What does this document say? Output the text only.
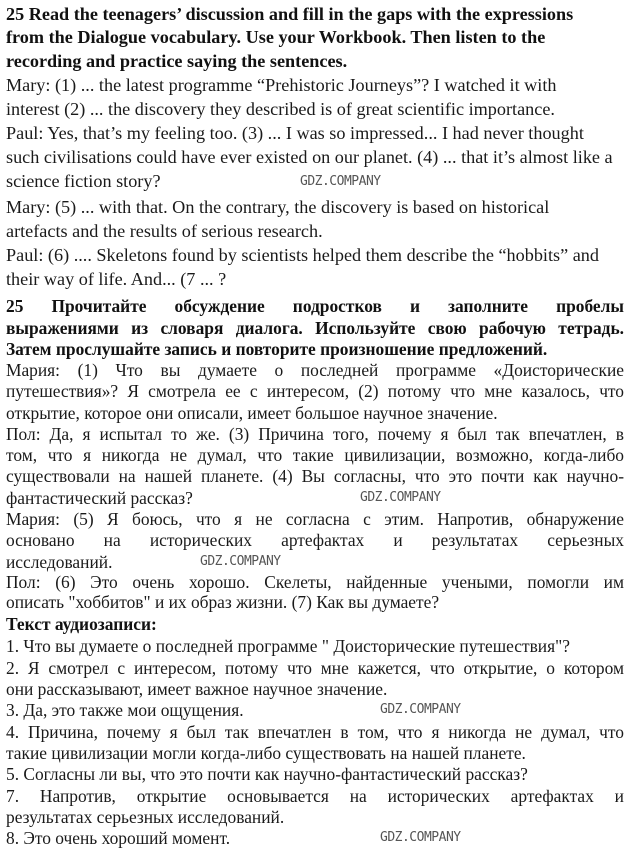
25 Read the teenagers’ discussion and fill in the gaps with the expressions
from the Dialogue vocabulary. Use your Workbook. Then listen to the
recording and practice saying the sentences.
Mary: (1) ... the latest programme “Prehistoric Journeys”? I watched it with
interest (2) ... the discovery they described is of great scientific importance.
Paul: Yes, that’s my feeling too. (3) ... I was so impressed... I had never thought
such civilisations could have ever existed on our planet. (4) ... that it’s almost like a
science fiction story?
Mary: (5) ... with that. On the contrary, the discovery is based on historical
artefacts and the results of serious research.
Paul: (6) .... Skeletons found by scientists helped them describe the “hobbits” and
their way of life. And... (7 ... ?
25 Прочитайте обсуждение подростков и заполните пробелы
выражениями из словаря диалога. Используйте свою рабочую тетрадь.
Затем прослушайте запись и повторите произношение предложений.
Мария: (1) Что вы думаете о последней программе «Доисторические
путешествия»? Я смотрела ее с интересом, (2) потому что мне казалось, что
открытие, которое они описали, имеет большое научное значение.
Пол: Да, я испытал то же. (3) Причина того, почему я был так впечатлен, в
том, что я никогда не думал, что такие цивилизации, возможно, когда-либо
существовали на нашей планете. (4) Вы согласны, что это почти как научно-
фантастический рассказ?
Мария: (5) Я боюсь, что я не согласна с этим. Напротив, обнаружение
основано на исторических артефактах и результатах серьезных
исследований.
Пол: (6) Это очень хорошо. Скелеты, найденные учеными, помогли им
описать "хоббитов" и их образ жизни. (7) Как вы думаете?
Текст аудиозаписи:
1. Что вы думаете о последней программе " Доисторические путешествия"?
2. Я смотрел с интересом, потому что мне кажется, что открытие, о котором
они рассказывают, имеет важное научное значение.
3. Да, это также мои ощущения.
4. Причина, почему я был так впечатлен в том, что я никогда не думал, что
такие цивилизации могли когда-либо существовать на нашей планете.
5. Согласны ли вы, что это почти как научно-фантастический рассказ?
7. Напротив, открытие основывается на исторических артефактах и
результатах серьезных исследований.
8. Это очень хороший момент.
GDZ.COMPANY
GDZ.COMPANY
GDZ.COMPANY
GDZ.COMPANY
GDZ.COMPANY
